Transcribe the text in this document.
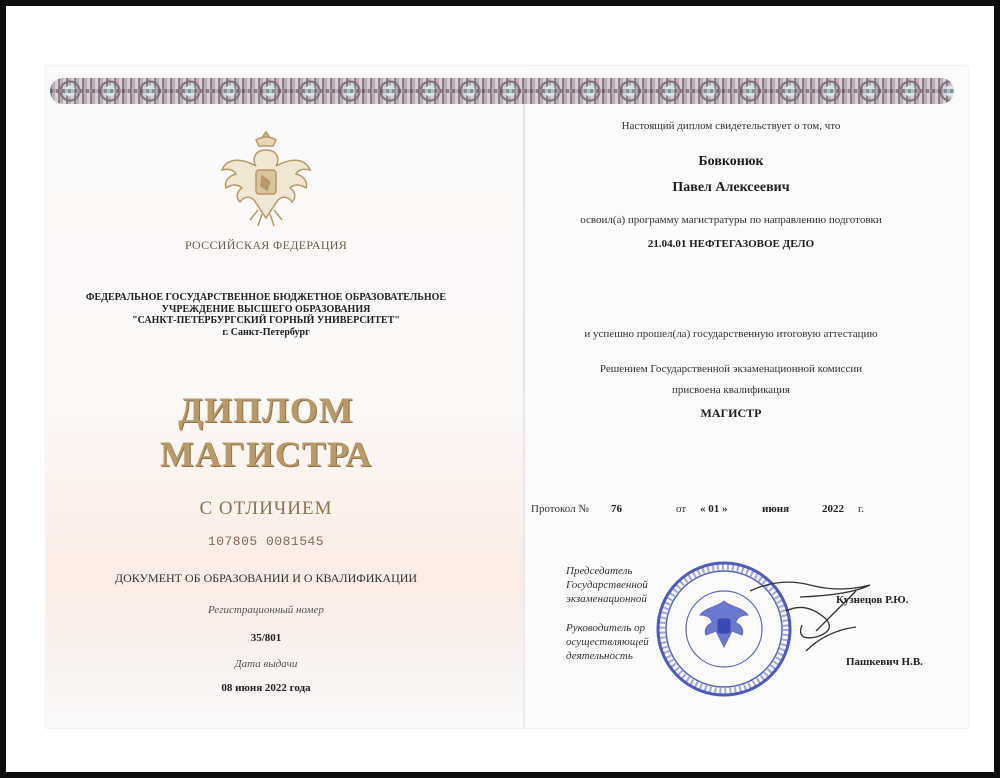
РОССИЙСКАЯ ФЕДЕРАЦИЯ
ФЕДЕРАЛЬНОЕ ГОСУДАРСТВЕННОЕ БЮДЖЕТНОЕ ОБРАЗОВАТЕЛЬНОЕ
УЧРЕЖДЕНИЕ ВЫСШЕГО ОБРАЗОВАНИЯ
"САНКТ-ПЕТЕРБУРГСКИЙ ГОРНЫЙ УНИВЕРСИТЕТ"
г. Санкт-Петербург
ДИПЛОМ
МАГИСТРА
С ОТЛИЧИЕМ
107805 0081545
ДОКУМЕНТ ОБ ОБРАЗОВАНИИ И О КВАЛИФИКАЦИИ
Регистрационный номер
35/801
Дата выдачи
08 июня 2022 года
Настоящий диплом свидетельствует о том, что
Бовконюк
Павел Алексеевич
освоил(а) программу магистратуры по направлению подготовки
21.04.01 НЕФТЕГАЗОВОЕ ДЕЛО
и успешно прошел(ла) государственную итоговую аттестацию
Решением Государственной экзаменационной комиссии
присвоена квалификация
МАГИСТР
Протокол № 76	от « 01 »	июня	2022 г.
Председатель
Государственной
экзаменационной
Руководитель ор
осуществляющей
деятельность
Кузнецов Р.Ю.
Пашкевич Н.В.
